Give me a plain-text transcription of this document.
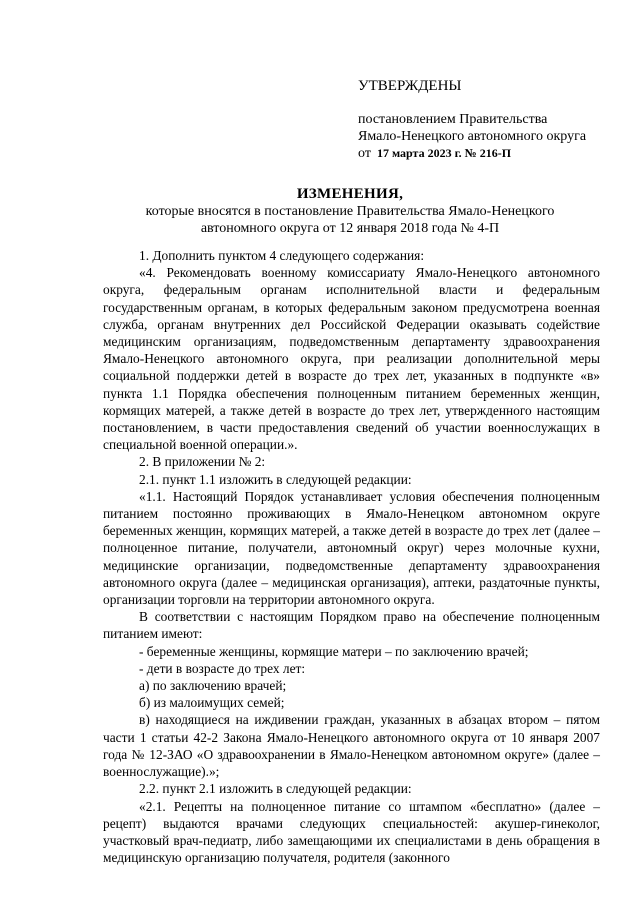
УТВЕРЖДЕНЫ
постановлением Правительства
Ямало-Ненецкого автономного округа
от 17 марта 2023 г. № 216-П
ИЗМЕНЕНИЯ,
которые вносятся в постановление Правительства Ямало-Ненецкого
автономного округа от 12 января 2018 года № 4-П

1. Дополнить пунктом 4 следующего содержания:

«4. Рекомендовать военному комиссариату Ямало-Ненецкого автономного округа, федеральным органам исполнительной власти и федеральным государственным органам, в которых федеральным законом предусмотрена военная служба, органам внутренних дел Российской Федерации оказывать содействие медицинским организациям, подведомственным департаменту здравоохранения Ямало-Ненецкого автономного округа, при реализации дополнительной меры социальной поддержки детей в возрасте до трех лет, указанных в подпункте «в» пункта 1.1 Порядка обеспечения полноценным питанием беременных женщин, кормящих матерей, а также детей в возрасте до трех лет, утвержденного настоящим постановлением, в части предоставления сведений об участии военнослужащих в специальной военной операции.».

2. В приложении № 2:

2.1. пункт 1.1 изложить в следующей редакции:

«1.1. Настоящий Порядок устанавливает условия обеспечения полноценным питанием постоянно проживающих в Ямало-Ненецком автономном округе беременных женщин, кормящих матерей, а также детей в возрасте до трех лет (далее – полноценное питание, получатели, автономный округ) через молочные кухни, медицинские организации, подведомственные департаменту здравоохранения автономного округа (далее – медицинская организация), аптеки, раздаточные пункты, организации торговли на территории автономного округа.

В соответствии с настоящим Порядком право на обеспечение полноценным питанием имеют:

- беременные женщины, кормящие матери – по заключению врачей;

- дети в возрасте до трех лет:

а) по заключению врачей;

б) из малоимущих семей;

в) находящиеся на иждивении граждан, указанных в абзацах втором – пятом части 1 статьи 42-2 Закона Ямало-Ненецкого автономного округа от 10 января 2007 года № 12-ЗАО «О здравоохранении в Ямало-Ненецком автономном округе» (далее – военнослужащие).»;

2.2. пункт 2.1 изложить в следующей редакции:

«2.1. Рецепты на полноценное питание со штампом «бесплатно» (далее – рецепт) выдаются врачами следующих специальностей: акушер-гинеколог, участковый врач-педиатр, либо замещающими их специалистами в день обращения в медицинскую организацию получателя, родителя (законного
